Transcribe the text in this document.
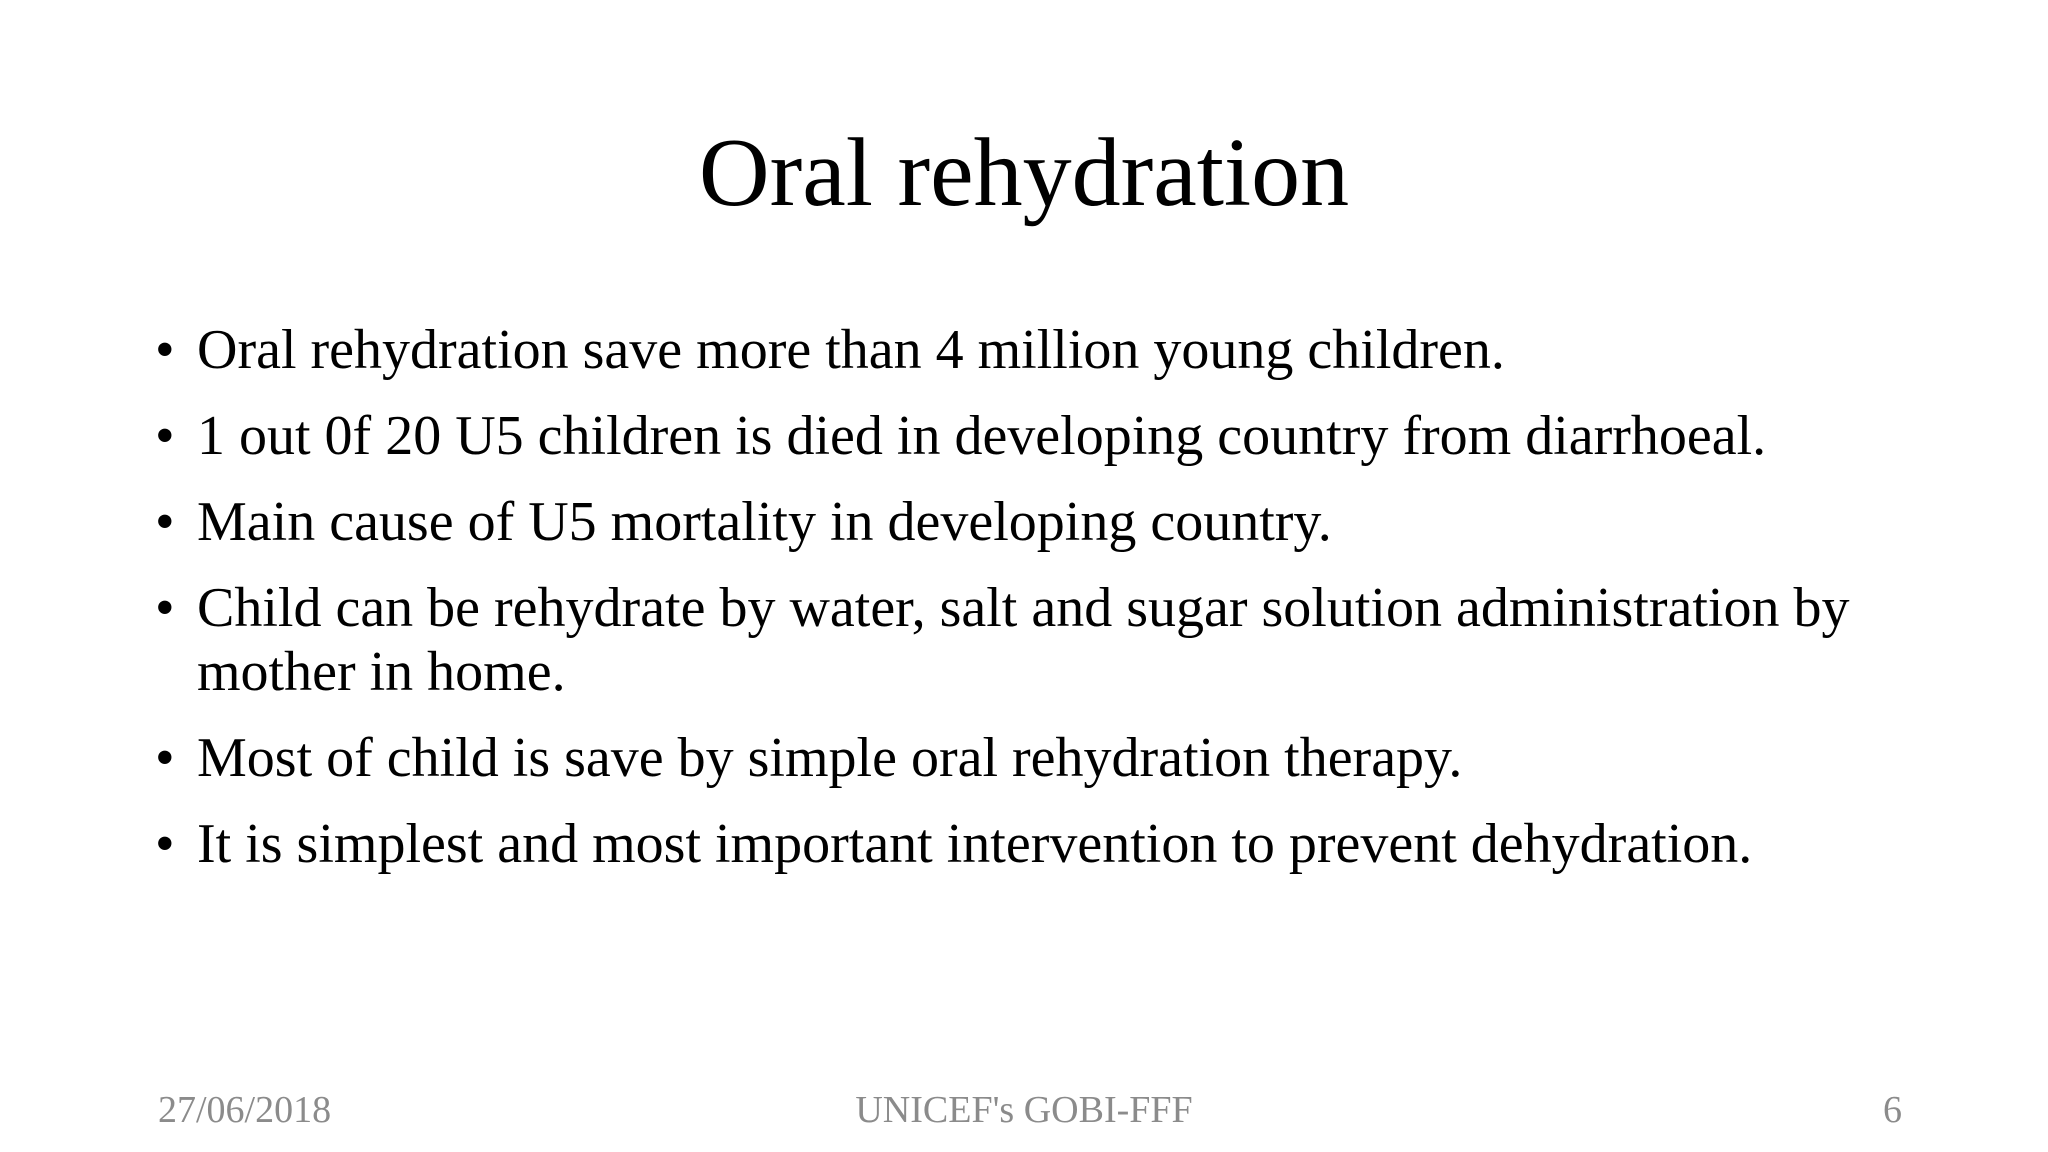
Oral rehydration
• Oral rehydration save more than 4 million young children.
• 1 out 0f 20 U5 children is died in developing country from diarrhoeal.
• Main cause of U5 mortality in developing country.
• Child can be rehydrate by water, salt and sugar solution administration by mother in home.
• Most of child is save by simple oral rehydration therapy.
• It is simplest and most important intervention to prevent dehydration.
27/06/2018	UNICEF's GOBI-FFF	6
